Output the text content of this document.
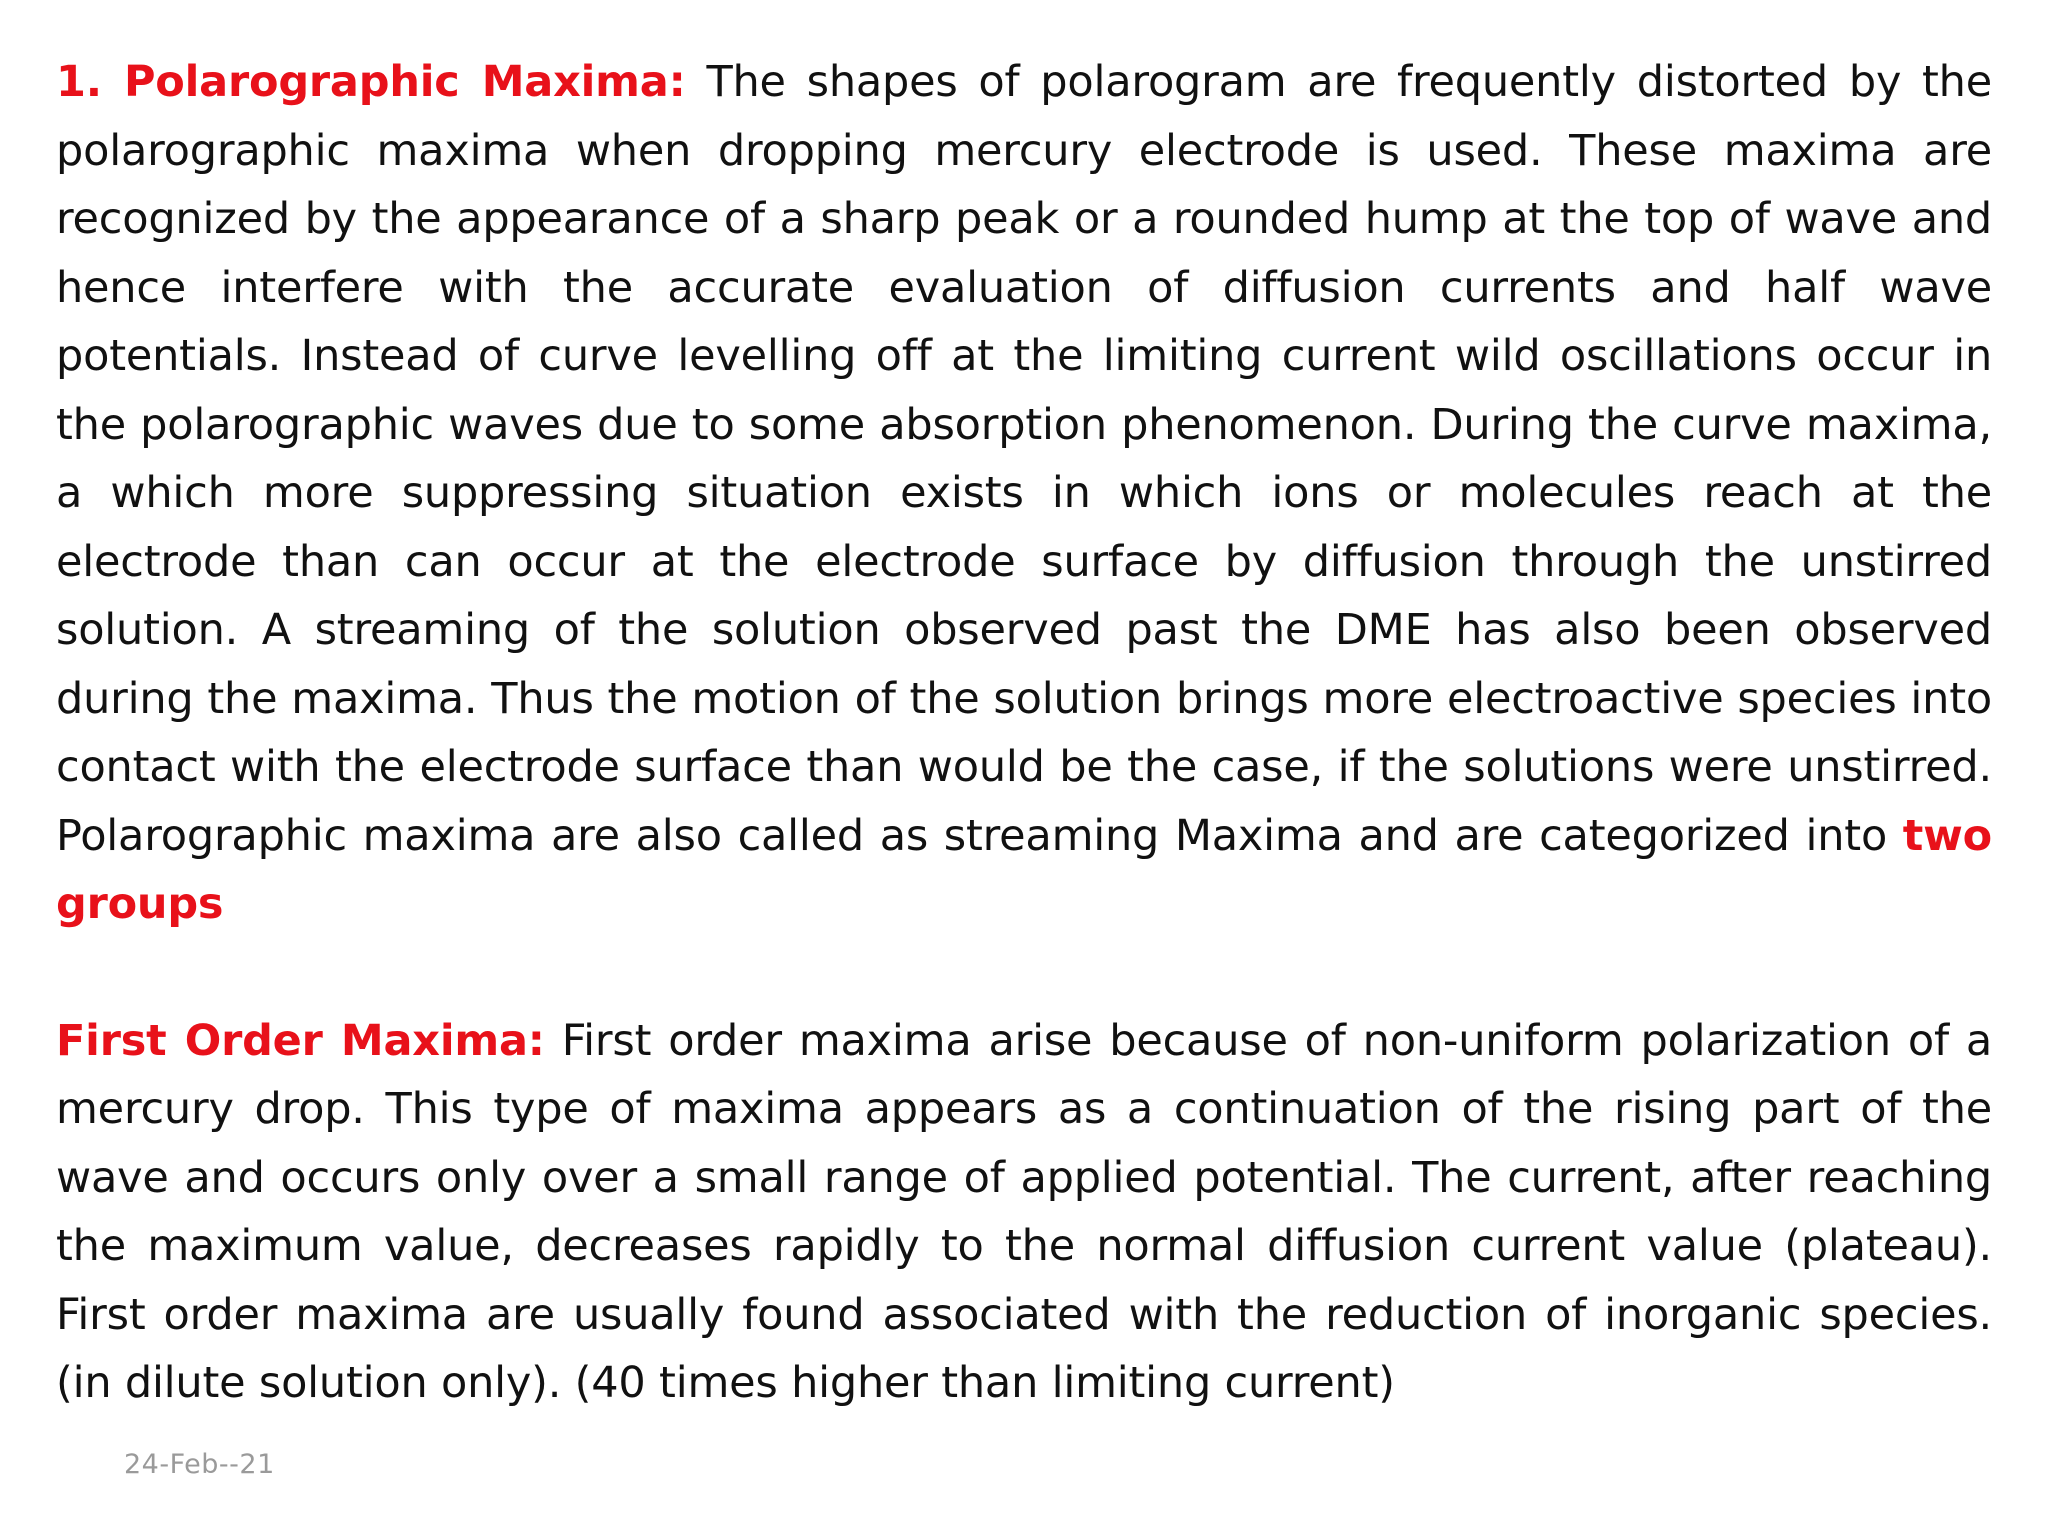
1. Polarographic Maxima: The shapes of polarogram are frequently distorted by the polarographic maxima when dropping mercury electrode is used. These maxima are recognized by the appearance of a sharp peak or a rounded hump at the top of wave and hence interfere with the accurate evaluation of diffusion currents and half wave potentials. Instead of curve levelling off at the limiting current wild oscillations occur in the polarographic waves due to some absorption phenomenon. During the curve maxima, a which more suppressing situation exists in which ions or molecules reach at the electrode than can occur at the electrode surface by diffusion through the unstirred solution. A streaming of the solution observed past the DME has also been observed during the maxima. Thus the motion of the solution brings more electroactive species into contact with the electrode surface than would be the case, if the solutions were unstirred. Polarographic maxima are also called as streaming Maxima and are categorized into two groups

First Order Maxima: First order maxima arise because of non-uniform polarization of a mercury drop. This type of maxima appears as a continuation of the rising part of the wave and occurs only over a small range of applied potential. The current, after reaching the maximum value, decreases rapidly to the normal diffusion current value (plateau). First order maxima are usually found associated with the reduction of inorganic species. (in dilute solution only). (40 times higher than limiting current)

24-Feb--21
